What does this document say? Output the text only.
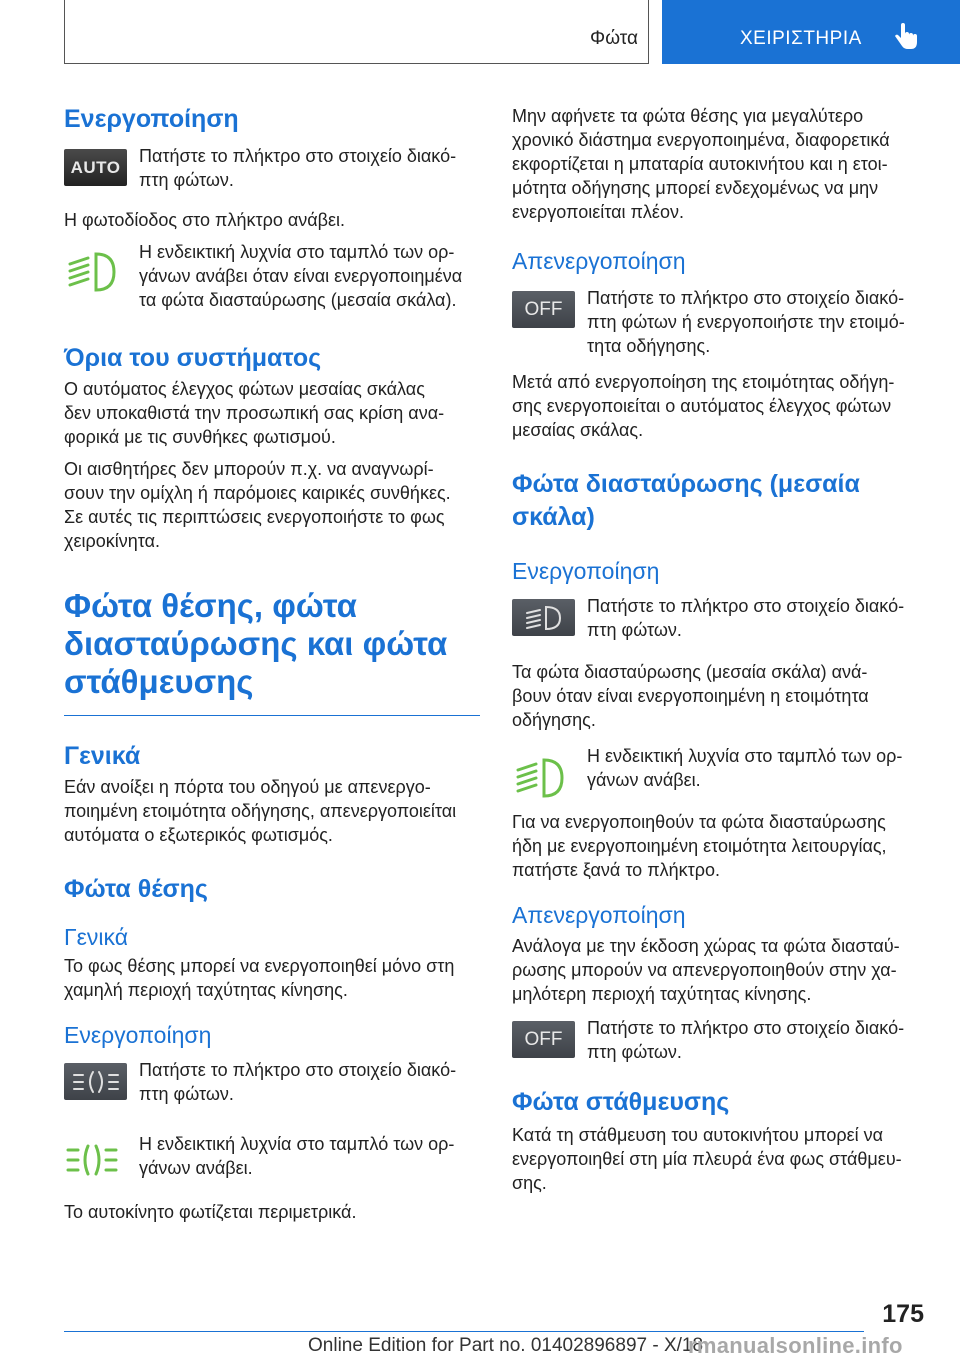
Φώτα	ΧΕΙΡΙΣΤΗΡΙΑ
Ενεργοποίηση
AUTO

Πατήστε το πλήκτρο στο στοιχείο διακό-
πτη φώτων.

Η φωτοδίοδος στο πλήκτρο ανάβει.

Η ενδεικτική λυχνία στο ταμπλό των ορ-
γάνων ανάβει όταν είναι ενεργοποιημένα
τα φώτα διασταύρωσης (μεσαία σκάλα).

Όρια του συστήματος

Ο αυτόματος έλεγχος φώτων μεσαίας σκάλας
δεν υποκαθιστά την προσωπική σας κρίση ανα-
φορικά με τις συνθήκες φωτισμού.

Οι αισθητήρες δεν μπορούν π.χ. να αναγνωρί-
σουν την ομίχλη ή παρόμοιες καιρικές συνθήκες.
Σε αυτές τις περιπτώσεις ενεργοποιήστε το φως
χειροκίνητα.

Φώτα θέσης, φώτα
διασταύρωσης και φώτα
στάθμευσης
Γενικά

Εάν ανοίξει η πόρτα του οδηγού με απενεργο-
ποιημένη ετοιμότητα οδήγησης, απενεργοποιείται
αυτόματα ο εξωτερικός φωτισμός.

Φώτα θέσης
Γενικά

Το φως θέσης μπορεί να ενεργοποιηθεί μόνο στη
χαμηλή περιοχή ταχύτητας κίνησης.

Ενεργοποίηση

Πατήστε το πλήκτρο στο στοιχείο διακό-
πτη φώτων.

Η ενδεικτική λυχνία στο ταμπλό των ορ-
γάνων ανάβει.

Το αυτοκίνητο φωτίζεται περιμετρικά.

Μην αφήνετε τα φώτα θέσης για μεγαλύτερο
χρονικό διάστημα ενεργοποιημένα, διαφορετικά
εκφορτίζεται η μπαταρία αυτοκινήτου και η ετοι-
μότητα οδήγησης μπορεί ενδεχομένως να μην
ενεργοποιείται πλέον.

Απενεργοποίηση
OFF

Πατήστε το πλήκτρο στο στοιχείο διακό-
πτη φώτων ή ενεργοποιήστε την ετοιμό-
τητα οδήγησης.

Μετά από ενεργοποίηση της ετοιμότητας οδήγη-
σης ενεργοποιείται ο αυτόματος έλεγχος φώτων
μεσαίας σκάλας.

Φώτα διασταύρωσης (μεσαία
σκάλα)
Ενεργοποίηση

Πατήστε το πλήκτρο στο στοιχείο διακό-
πτη φώτων.

Τα φώτα διασταύρωσης (μεσαία σκάλα) ανά-
βουν όταν είναι ενεργοποιημένη η ετοιμότητα
οδήγησης.

Η ενδεικτική λυχνία στο ταμπλό των ορ-
γάνων ανάβει.

Για να ενεργοποιηθούν τα φώτα διασταύρωσης
ήδη με ενεργοποιημένη ετοιμότητα λειτουργίας,
πατήστε ξανά το πλήκτρο.

Απενεργοποίηση

Ανάλογα με την έκδοση χώρας τα φώτα διασταύ-
ρωσης μπορούν να απενεργοποιηθούν στην χα-
μηλότερη περιοχή ταχύτητας κίνησης.

OFF

Πατήστε το πλήκτρο στο στοιχείο διακό-
πτη φώτων.

Φώτα στάθμευσης

Κατά τη στάθμευση του αυτοκινήτου μπορεί να
ενεργοποιηθεί στη μία πλευρά ένα φως στάθμευ-
σης.

175
Online Edition for Part no. 01402896897 - X/18
rmanualsonline.info
